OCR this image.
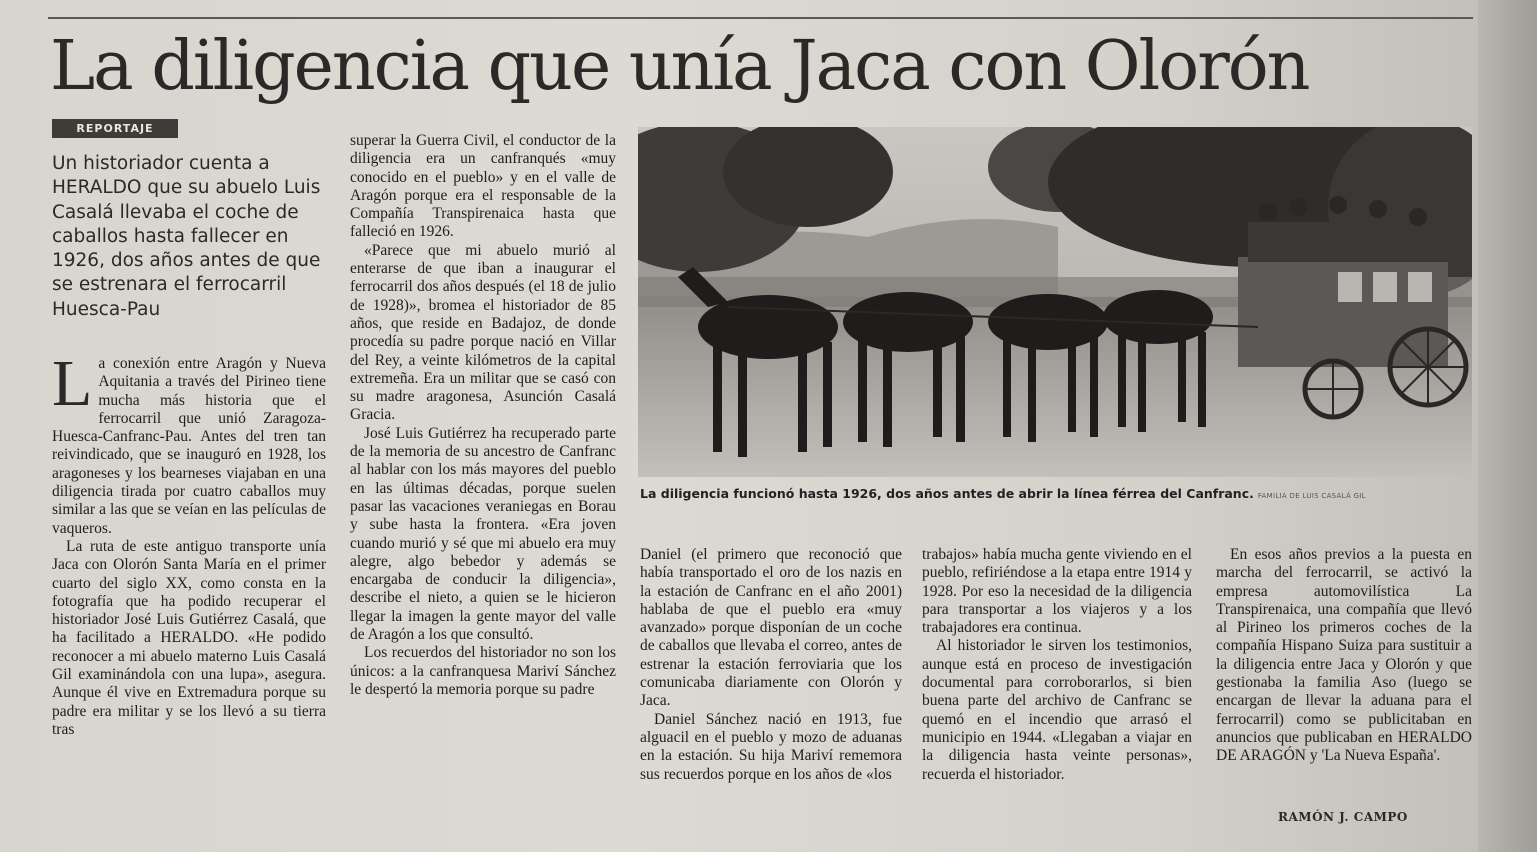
La diligencia que unía Jaca con Olorón
REPORTAJE

Un historiador cuenta a HERALDO que su abuelo Luis Casalá llevaba el coche de caballos hasta fallecer en 1926, dos años antes de que se estrenara el ferrocarril Huesca-Pau

La conexión entre Aragón y Nueva Aquitania a través del Pirineo tiene mucha más historia que el ferrocarril que unió Zaragoza-Huesca-Canfranc-Pau. Antes del tren tan reivindicado, que se inauguró en 1928, los aragoneses y los bearneses viajaban en una diligencia tirada por cuatro caballos muy similar a las que se veían en las películas de vaqueros.

La ruta de este antiguo transporte unía Jaca con Olorón Santa María en el primer cuarto del siglo XX, como consta en la fotografía que ha podido recuperar el historiador José Luis Gutiérrez Casalá, que ha facilitado a HERALDO. «He podido reconocer a mi abuelo materno Luis Casalá Gil examinándola con una lupa», asegura. Aunque él vive en Extremadura porque su padre era militar y se los llevó a su tierra tras

superar la Guerra Civil, el conductor de la diligencia era un canfranqués «muy conocido en el pueblo» y en el valle de Aragón porque era el responsable de la Compañía Transpirenaica hasta que falleció en 1926.

«Parece que mi abuelo murió al enterarse de que iban a inaugurar el ferrocarril dos años después (el 18 de julio de 1928)», bromea el historiador de 85 años, que reside en Badajoz, de donde procedía su padre porque nació en Villar del Rey, a veinte kilómetros de la capital extremeña. Era un militar que se casó con su madre aragonesa, Asunción Casalá Gracia.

José Luis Gutiérrez ha recuperado parte de la memoria de su ancestro de Canfranc al hablar con los más mayores del pueblo en las últimas décadas, porque suelen pasar las vacaciones veraniegas en Borau y sube hasta la frontera. «Era joven cuando murió y sé que mi abuelo era muy alegre, algo bebedor y además se encargaba de conducir la diligencia», describe el nieto, a quien se le hicieron llegar la imagen la gente mayor del valle de Aragón a los que consultó.

Los recuerdos del historiador no son los únicos: a la canfranquesa Mariví Sánchez le despertó la memoria porque su padre

La diligencia funcionó hasta 1926, dos años antes de abrir la línea férrea del Canfranc. FAMILIA DE LUIS CASALÁ GIL

Daniel (el primero que reconoció que había transportado el oro de los nazis en la estación de Canfranc en el año 2001) hablaba de que el pueblo era «muy avanzado» porque disponían de un coche de caballos que llevaba el correo, antes de estrenar la estación ferroviaria que los comunicaba diariamente con Olorón y Jaca.

Daniel Sánchez nació en 1913, fue alguacil en el pueblo y mozo de aduanas en la estación. Su hija Mariví rememora sus recuerdos porque en los años de «los

trabajos» había mucha gente viviendo en el pueblo, refiriéndose a la etapa entre 1914 y 1928. Por eso la necesidad de la diligencia para transportar a los viajeros y a los trabajadores era continua.

Al historiador le sirven los testimonios, aunque está en proceso de investigación documental para corroborarlos, si bien buena parte del archivo de Canfranc se quemó en el incendio que arrasó el municipio en 1944. «Llegaban a viajar en la diligencia hasta veinte personas», recuerda el historiador.

En esos años previos a la puesta en marcha del ferrocarril, se activó la empresa automovilística La Transpirenaica, una compañía que llevó al Pirineo los primeros coches de la compañía Hispano Suiza para sustituir a la diligencia entre Jaca y Olorón y que gestionaba la familia Aso (luego se encargan de llevar la aduana para el ferrocarril) como se publicitaban en anuncios que publicaban en HERALDO DE ARAGÓN y 'La Nueva España'.

RAMÓN J. CAMPO
